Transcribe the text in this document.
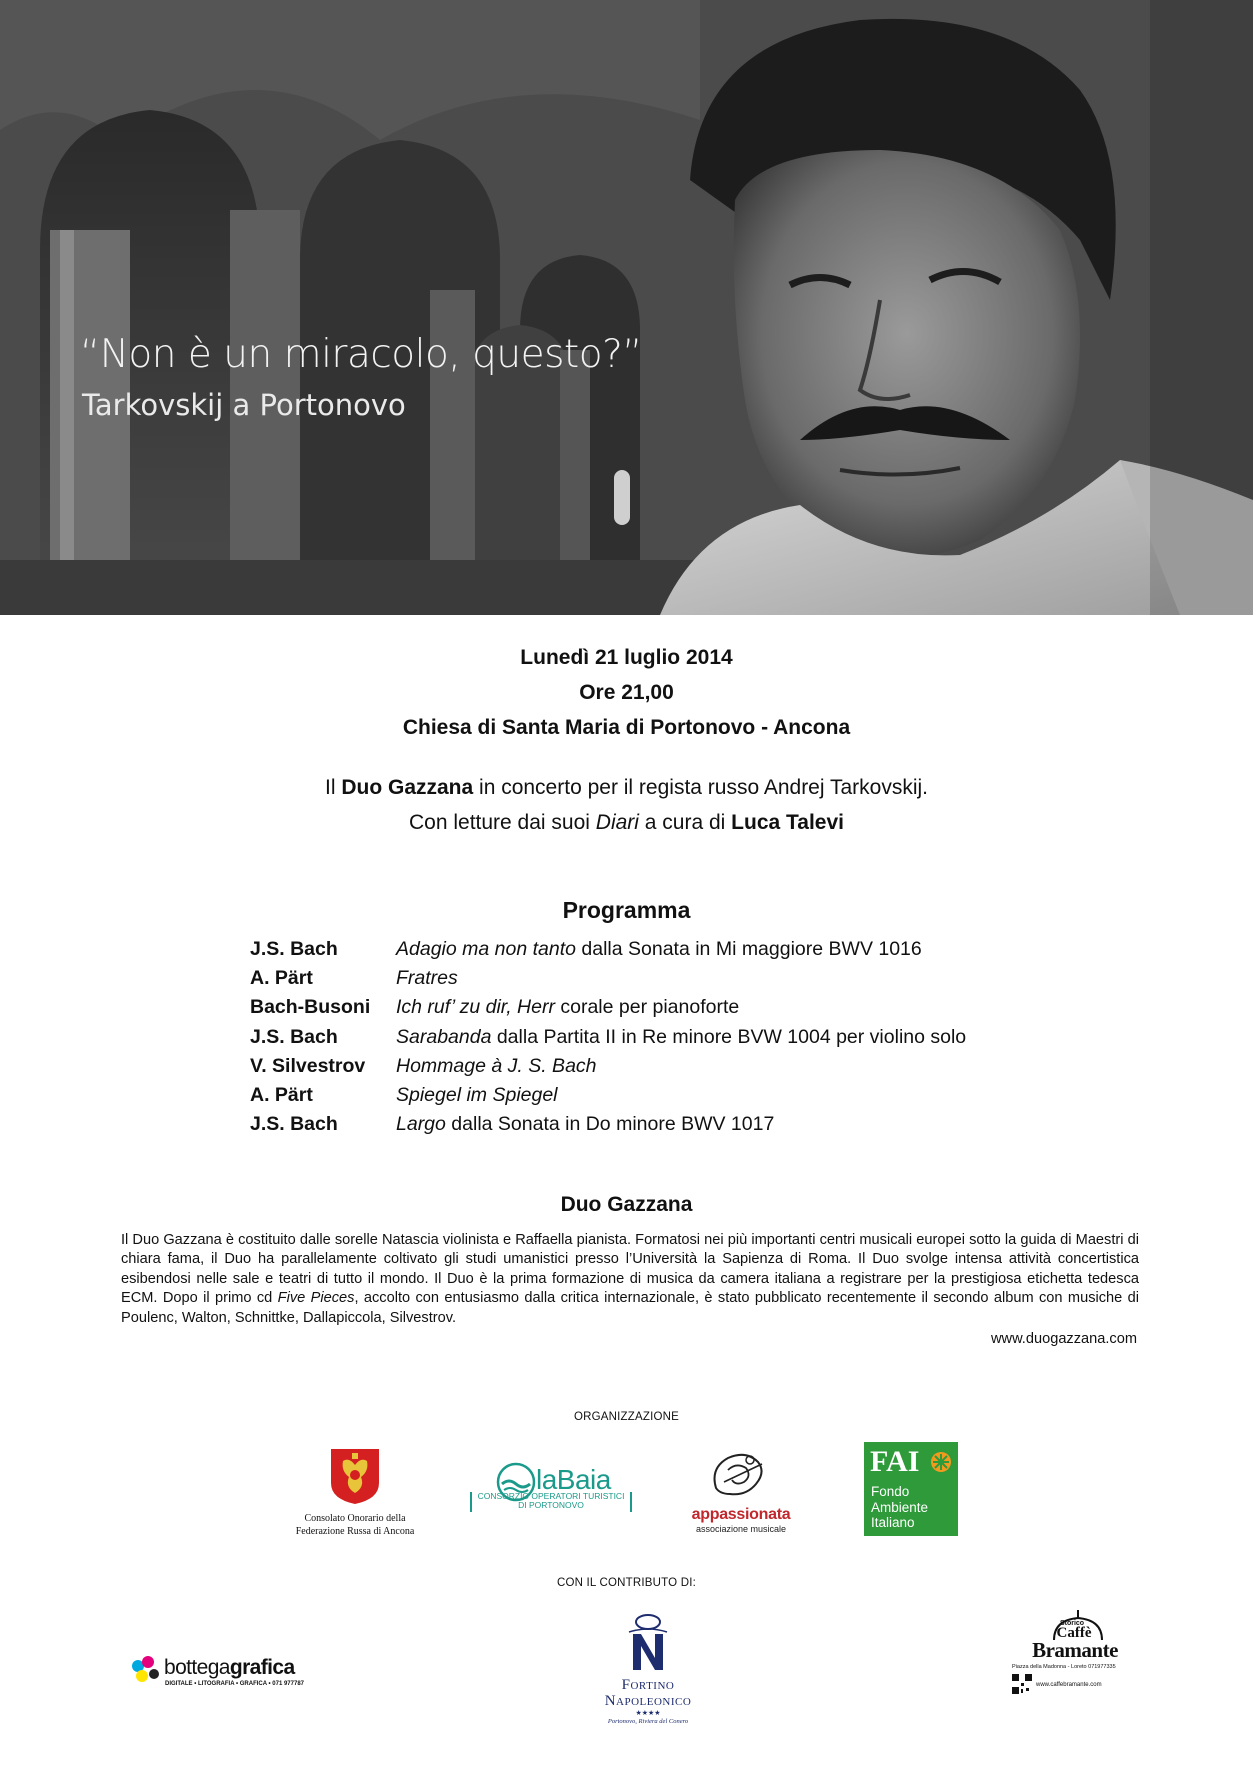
“Non è un miracolo, questo?”
Tarkovskij a Portonovo
Lunedì 21 luglio 2014
Ore 21,00
Chiesa di Santa Maria di Portonovo - Ancona
Il Duo Gazzana in concerto per il regista russo Andrej Tarkovskij.
Con letture dai suoi Diari a cura di Luca Talevi
Programma
J.S. Bach	Adagio ma non tanto dalla Sonata in Mi maggiore BWV 1016
A. Pärt	Fratres
Bach-Busoni	Ich ruf’ zu dir, Herr corale per pianoforte
J.S. Bach	Sarabanda dalla Partita II in Re minore BVW 1004 per violino solo
V. Silvestrov	Hommage à J. S. Bach
A. Pärt	Spiegel im Spiegel
J.S. Bach	Largo dalla Sonata in Do minore BWV 1017
Duo Gazzana
Il Duo Gazzana è costituito dalle sorelle Natascia violinista e Raffaella pianista. Formatosi nei più importanti centri musicali europei sotto la guida di Maestri di chiara fama, il Duo ha parallelamente coltivato gli studi umanistici presso l’Università la Sapienza di Roma. Il Duo svolge intensa attività concertistica esibendosi nelle sale e teatri di tutto il mondo. Il Duo è la prima formazione di musica da camera italiana a registrare per la prestigiosa etichetta tedesca ECM. Dopo il primo cd Five Pieces, accolto con entusiasmo dalla critica internazionale, è stato pubblicato recentemente il secondo album con musiche di Poulenc, Walton, Schnittke, Dallapiccola, Silvestrov.
www.duogazzana.com
ORGANIZZAZIONE
Consolato Onorario della
Federazione Russa di Ancona
laBaia
CONSORZIO OPERATORI TURISTICI
DI PORTONOVO
appassionata
associazione musicale
FAI
Fondo
Ambiente
Italiano
CON IL CONTRIBUTO DI:
bottegagrafica
DIGITALE • LITOGRAFIA • GRAFICA • 071 977787	Fortino
Napoleonico
★★★★
Portonovo, Riviera del Conero
Storico
Caffè
Bramante
Piazza della Madonna - Loreto 071977335
www.caffebramante.com
